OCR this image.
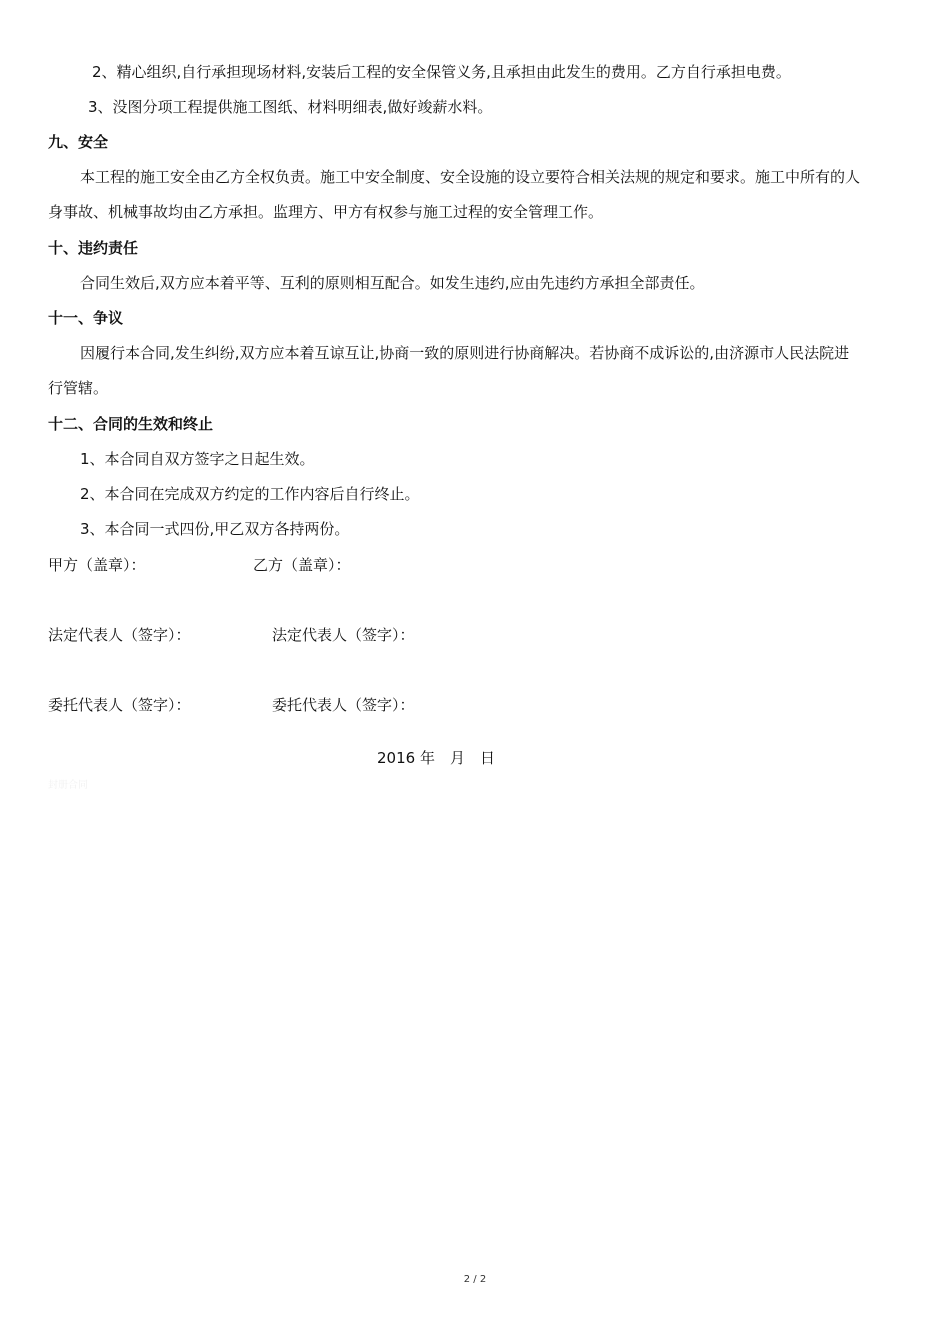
2、精心组织,自行承担现场材料,安装后工程的安全保管义务,且承担由此发生的费用。乙方自行承担电费。
3、没图分项工程提供施工图纸、材料明细表,做好竣薪水料。
九、安全
本工程的施工安全由乙方全权负责。施工中安全制度、安全设施的设立要符合相关法规的规定和要求。施工中所有的人
身事故、机械事故均由乙方承担。监理方、甲方有权参与施工过程的安全管理工作。
十、违约责任
合同生效后,双方应本着平等、互利的原则相互配合。如发生违约,应由先违约方承担全部责任。
十一、争议
因履行本合同,发生纠纷,双方应本着互谅互让,协商一致的原则进行协商解决。若协商不成诉讼的,由济源市人民法院进
行管辖。
十二、合同的生效和终止
1、本合同自双方签字之日起生效。
2、本合同在完成双方约定的工作内容后自行终止。
3、本合同一式四份,甲乙双方各持两份。
甲方（盖章）：	乙方（盖章）：
法定代表人（签字）：	法定代表人（签字）：
委托代表人（签字）：	委托代表人（签字）：
2016 年　月　日
封册合同
2 / 2
